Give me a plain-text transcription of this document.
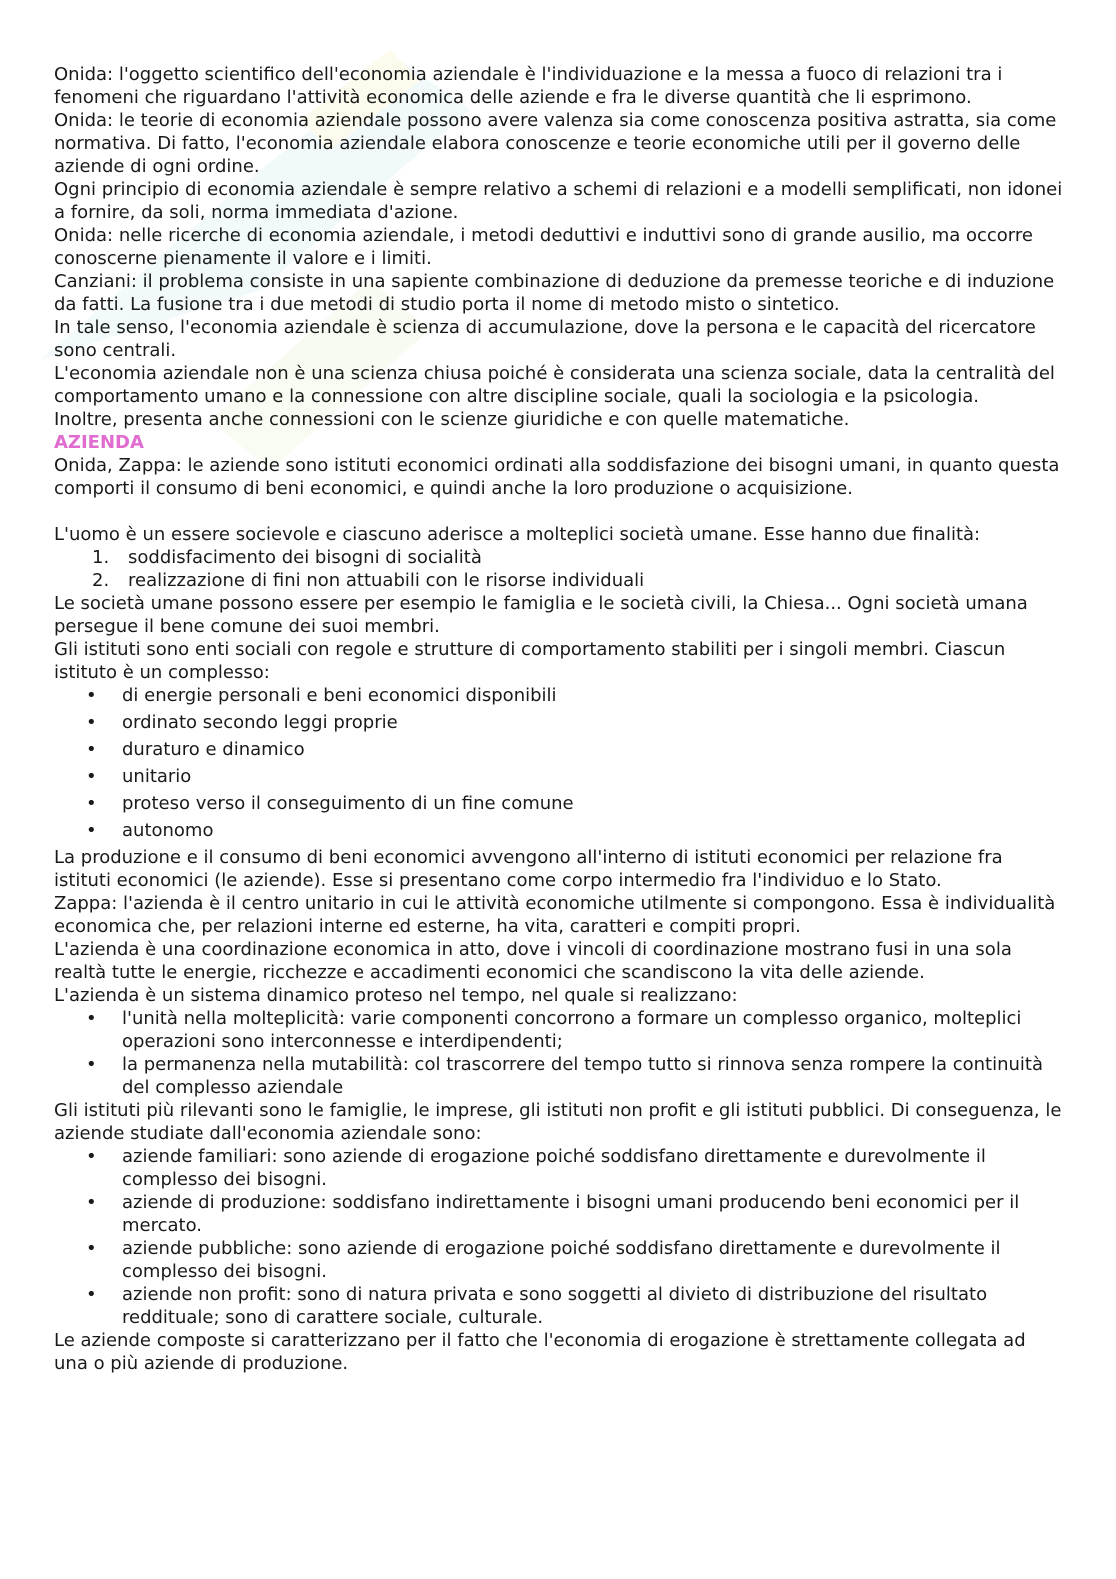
Onida: l'oggetto scientifico dell'economia aziendale è l'individuazione e la messa a fuoco di relazioni tra i fenomeni che riguardano l'attività economica delle aziende e fra le diverse quantità che li esprimono.

Onida: le teorie di economia aziendale possono avere valenza sia come conoscenza positiva astratta, sia come normativa. Di fatto, l'economia aziendale elabora conoscenze e teorie economiche utili per il governo delle aziende di ogni ordine.

Ogni principio di economia aziendale è sempre relativo a schemi di relazioni e a modelli semplificati, non idonei a fornire, da soli, norma immediata d'azione.

Onida: nelle ricerche di economia aziendale, i metodi deduttivi e induttivi sono di grande ausilio, ma occorre conoscerne pienamente il valore e i limiti.

Canziani: il problema consiste in una sapiente combinazione di deduzione da premesse teoriche e di induzione da fatti. La fusione tra i due metodi di studio porta il nome di metodo misto o sintetico.

In tale senso, l'economia aziendale è scienza di accumulazione, dove la persona e le capacità del ricercatore sono centrali.

L'economia aziendale non è una scienza chiusa poiché è considerata una scienza sociale, data la centralità del comportamento umano e la connessione con altre discipline sociale, quali la sociologia e la psicologia.

Inoltre, presenta anche connessioni con le scienze giuridiche e con quelle matematiche.

AZIENDA

Onida, Zappa: le aziende sono istituti economici ordinati alla soddisfazione dei bisogni umani, in quanto questa comporti il consumo di beni economici, e quindi anche la loro produzione o acquisizione.

L'uomo è un essere socievole e ciascuno aderisce a molteplici società umane. Esse hanno due finalità:

1. soddisfacimento dei bisogni di socialità
2. realizzazione di fini non attuabili con le risorse individuali

Le società umane possono essere per esempio le famiglia e le società civili, la Chiesa... Ogni società umana persegue il bene comune dei suoi membri.

Gli istituti sono enti sociali con regole e strutture di comportamento stabiliti per i singoli membri. Ciascun istituto è un complesso:

• di energie personali e beni economici disponibili
• ordinato secondo leggi proprie
• duraturo e dinamico
• unitario
• proteso verso il conseguimento di un fine comune
• autonomo

La produzione e il consumo di beni economici avvengono all'interno di istituti economici per relazione fra istituti economici (le aziende). Esse si presentano come corpo intermedio fra l'individuo e lo Stato.

Zappa: l'azienda è il centro unitario in cui le attività economiche utilmente si compongono. Essa è individualità economica che, per relazioni interne ed esterne, ha vita, caratteri e compiti propri.

L'azienda è una coordinazione economica in atto, dove i vincoli di coordinazione mostrano fusi in una sola realtà tutte le energie, ricchezze e accadimenti economici che scandiscono la vita delle aziende.

L'azienda è un sistema dinamico proteso nel tempo, nel quale si realizzano:

• l'unità nella molteplicità: varie componenti concorrono a formare un complesso organico, molteplici operazioni sono interconnesse e interdipendenti;
• la permanenza nella mutabilità: col trascorrere del tempo tutto si rinnova senza rompere la continuità del complesso aziendale

Gli istituti più rilevanti sono le famiglie, le imprese, gli istituti non profit e gli istituti pubblici. Di conseguenza, le aziende studiate dall'economia aziendale sono:

• aziende familiari: sono aziende di erogazione poiché soddisfano direttamente e durevolmente il complesso dei bisogni.
• aziende di produzione: soddisfano indirettamente i bisogni umani producendo beni economici per il mercato.
• aziende pubbliche: sono aziende di erogazione poiché soddisfano direttamente e durevolmente il complesso dei bisogni.
• aziende non profit: sono di natura privata e sono soggetti al divieto di distribuzione del risultato reddituale; sono di carattere sociale, culturale.

Le aziende composte si caratterizzano per il fatto che l'economia di erogazione è strettamente collegata ad una o più aziende di produzione.
